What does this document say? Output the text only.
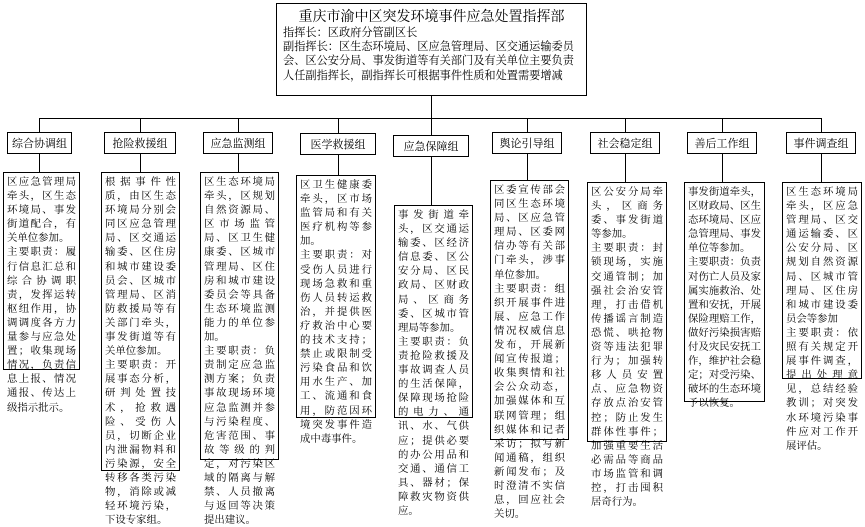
重庆市渝中区突发环境事件应急处置指挥部
指挥长：区政府分管副区长
副指挥长：区生态环境局、区应急管理局、区交通运输委员会、区公安分局、事发街道等有关部门及有关单位主要负责人任副指挥长，副指挥长可根据事件性质和处置需要增减
综合协调组	抢险救援组	应急监测组	医学救援组	应急保障组	舆论引导组	社会稳定组	善后工作组	事件调查组

区应急管理局牵头，区生态环境局、事发街道配合，有关单位参加。

主要职责：履行信息汇总和综合协调职责，发挥运转枢纽作用，协调调度各方力量参与应急处置；收集现场情况，负责信息上报、情况通报、传达上级指示批示。

根据事件性质，由区生态环境局分别会同区应急管理局、区交通运输委、区住房和城市建设委员会、区城市管理局、区消防救援局等有关部门牵头，事发街道等有关单位参加。

主要职责：开展事态分析，研判处置技术，抢救遇险、受伤人员，切断企业内泄漏物料和污染源，安全转移各类污染物，消除或减轻环境污染，下设专家组。

区生态环境局牵头，区规划自然资源局、区市场监管局、区卫生健康委、区城市管理局、区住房和城市建设委员会等具备生态环境监测能力的单位参加。

主要职责：负责制定应急监测方案；负责事故现场环境应急监测并参与污染程度、危害范围、事故等级的判定，对污染区域的隔离与解禁、人员撤离与返回等决策提出建议。

区卫生健康委牵头，区市场监管局和有关医疗机构等参加。

主要职责：对受伤人员进行现场急救和重伤人员转运救治，并提供医疗救治中心要的技术支持；禁止或限制受污染食品和饮用水生产、加工、流通和食用，防范因环境突发事件造成中毒事件。

事发街道牵头，区交通运输委、区经济信息委、区公安分局、区民政局、区财政局、区商务委、区城市管理局等参加。

主要职责：负责抢险救援及事故调查人员的生活保障，保障现场抢险的电力、通讯、水、气供应；提供必要的办公用品和交通、通信工具、器材；保障救灾物资供应。

区委宣传部会同区生态环境局、区应急管理局、区委网信办等有关部门牵头，涉事单位参加。

主要职责：组织开展事件进展、应急工作情况权威信息发布，开展新闻宣传报道；收集舆情和社会公众动态，加强媒体和互联网管理；组织媒体和记者采访；拟写新闻通稿，组织新闻发布；及时澄清不实信息，回应社会关切。

区公安分局牵头，区商务委、事发街道等参加。

主要职责：封锁现场，实施交通管制；加强社会治安管理，打击借机传播谣言制造恐慌、哄抢物资等违法犯罪行为；加强转移人员安置点、应急物资存放点治安管控；防止发生群体性事件；加强重要生活必需品等商品市场监管和调控，打击囤积居奇行为。

事发街道牵头，区财政局、区生态环境局、区应急管理局、事发单位等参加。

主要职责：负责对伤亡人员及家属实施救治、处置和安抚，开展保险理赔工作，做好污染损害赔付及灾民安抚工作，维护社会稳定；对受污染、破坏的生态环境予以恢复。

区生态环境局牵头，区应急管理局、区交通运输委、区公安分局、区规划自然资源局、区城市管理局、区住房和城市建设委员会等参加

主要职责：依照有关规定开展事件调查，提出处理意见，总结经验教训；对突发水环境污染事件应对工作开展评估。
